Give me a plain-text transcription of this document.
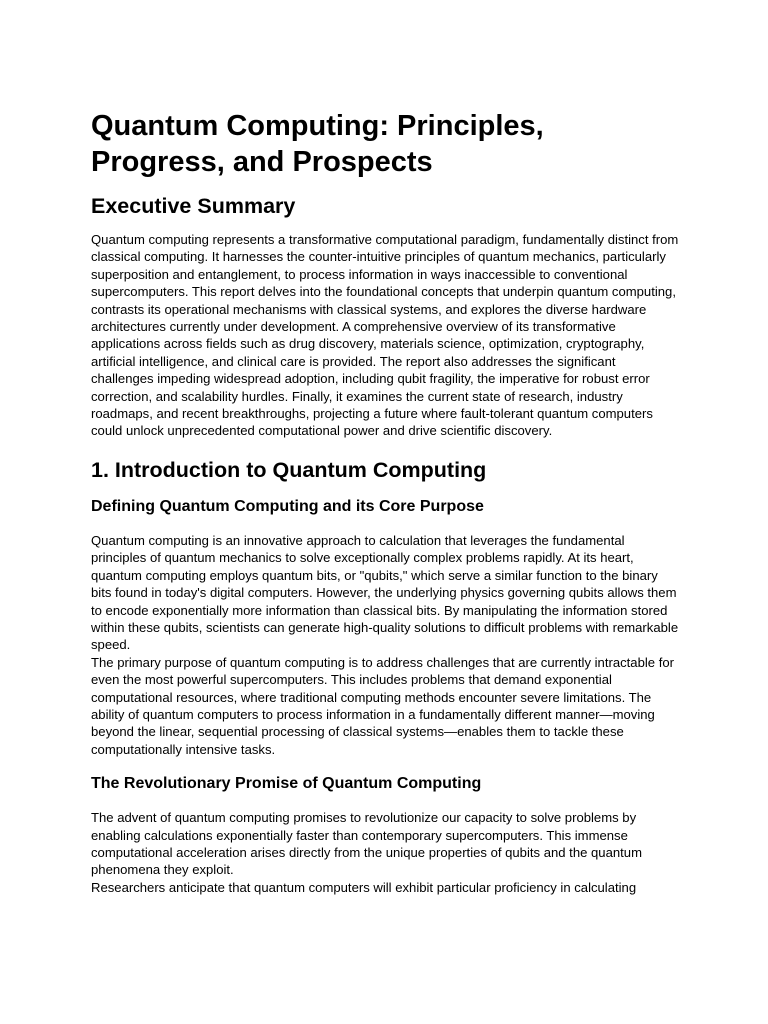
Quantum Computing: Principles, Progress, and Prospects
Executive Summary

Quantum computing represents a transformative computational paradigm, fundamentally distinct from classical computing. It harnesses the counter-intuitive principles of quantum mechanics, particularly superposition and entanglement, to process information in ways inaccessible to conventional supercomputers. This report delves into the foundational concepts that underpin quantum computing, contrasts its operational mechanisms with classical systems, and explores the diverse hardware architectures currently under development. A comprehensive overview of its transformative applications across fields such as drug discovery, materials science, optimization, cryptography, artificial intelligence, and clinical care is provided. The report also addresses the significant challenges impeding widespread adoption, including qubit fragility, the imperative for robust error correction, and scalability hurdles. Finally, it examines the current state of research, industry roadmaps, and recent breakthroughs, projecting a future where fault-tolerant quantum computers could unlock unprecedented computational power and drive scientific discovery.

1. Introduction to Quantum Computing
Defining Quantum Computing and its Core Purpose

Quantum computing is an innovative approach to calculation that leverages the fundamental principles of quantum mechanics to solve exceptionally complex problems rapidly. At its heart, quantum computing employs quantum bits, or "qubits," which serve a similar function to the binary bits found in today's digital computers. However, the underlying physics governing qubits allows them to encode exponentially more information than classical bits. By manipulating the information stored within these qubits, scientists can generate high-quality solutions to difficult problems with remarkable speed.

The primary purpose of quantum computing is to address challenges that are currently intractable for even the most powerful supercomputers. This includes problems that demand exponential computational resources, where traditional computing methods encounter severe limitations. The ability of quantum computers to process information in a fundamentally different manner—moving beyond the linear, sequential processing of classical systems—enables them to tackle these computationally intensive tasks.

The Revolutionary Promise of Quantum Computing

The advent of quantum computing promises to revolutionize our capacity to solve problems by enabling calculations exponentially faster than contemporary supercomputers. This immense computational acceleration arises directly from the unique properties of qubits and the quantum phenomena they exploit.

Researchers anticipate that quantum computers will exhibit particular proficiency in calculating
